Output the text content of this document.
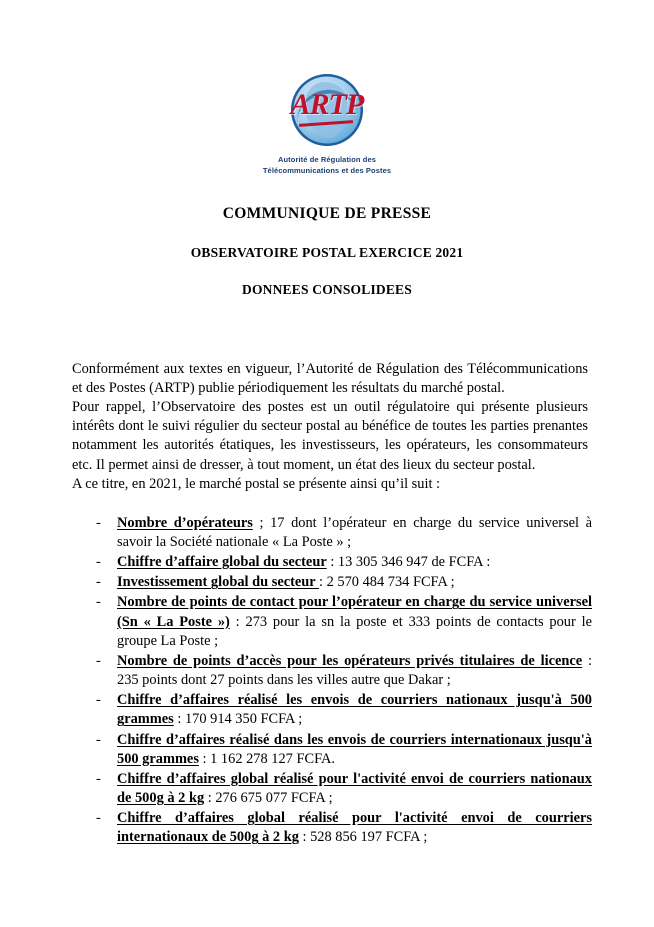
ARTP
Autorité de Régulation des
Télécommunications et des Postes
COMMUNIQUE DE PRESSE
OBSERVATOIRE POSTAL EXERCICE 2021
DONNEES CONSOLIDEES

Conformément aux textes en vigueur, l’Autorité de Régulation des Télécommunications et des Postes (ARTP) publie périodiquement les résultats du marché postal.

Pour rappel, l’Observatoire des postes est un outil régulatoire qui présente plusieurs intérêts dont le suivi régulier du secteur postal au bénéfice de toutes les parties prenantes notamment les autorités étatiques, les investisseurs, les opérateurs, les consommateurs etc. Il permet ainsi de dresser, à tout moment, un état des lieux du secteur postal.

A ce titre, en 2021, le marché postal se présente ainsi qu’il suit :

- Nombre d’opérateurs ; 17 dont l’opérateur en charge du service universel à savoir la Société nationale « La Poste » ;
- Chiffre d’affaire global du secteur : 13 305 346 947 de FCFA :
- Investissement global du secteur : 2 570 484 734 FCFA ;
- Nombre de points de contact pour l’opérateur en charge du service universel (Sn « La Poste ») : 273 pour la sn la poste et 333 points de contacts pour le groupe La Poste ;
- Nombre de points d’accès pour les opérateurs privés titulaires de licence : 235 points dont 27 points dans les villes autre que Dakar ;
- Chiffre d’affaires réalisé les envois de courriers nationaux jusqu'à 500 grammes : 170 914 350 FCFA ;
- Chiffre d’affaires réalisé dans les envois de courriers internationaux jusqu'à 500 grammes : 1 162 278 127 FCFA.
- Chiffre d’affaires global réalisé pour l'activité envoi de courriers nationaux de 500g à 2 kg : 276 675 077 FCFA ;
- Chiffre d’affaires global réalisé pour l'activité envoi de courriers internationaux de 500g à 2 kg : 528 856 197 FCFA ;
